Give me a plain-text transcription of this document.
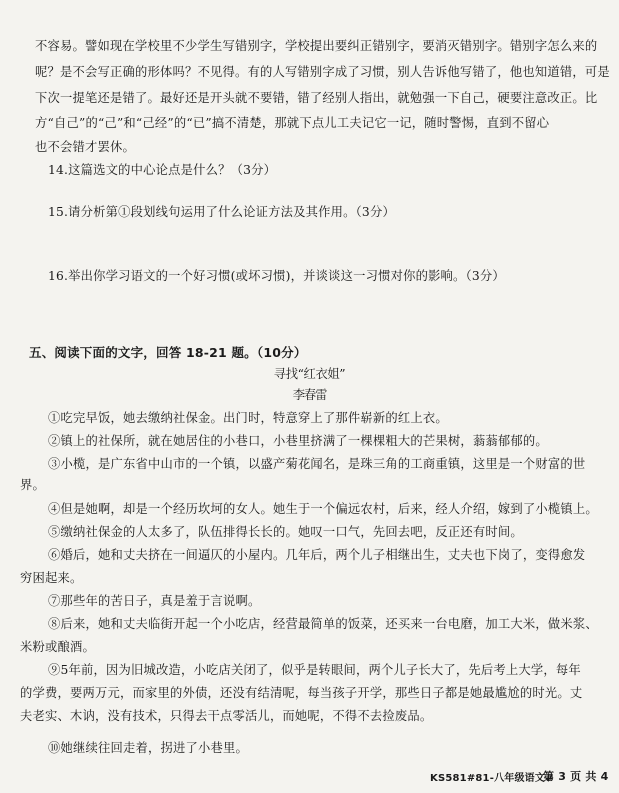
不容易。譬如现在学校里不少学生写错别字，学校提出要纠正错别字，要消灭错别字。错别字怎么来的
呢？是不会写正确的形体吗？不见得。有的人写错别字成了习惯，别人告诉他写错了，他也知道错，可是
下次一提笔还是错了。最好还是开头就不要错，错了经别人指出，就勉强一下自己，硬要注意改正。比
方“自己”的“己”和“己经”的“已”搞不清楚，那就下点儿工夫记它一记，随时警惕，直到不留心
也不会错才罢休。
14.这篇选文的中心论点是什么？（3分）
15.请分析第①段划线句运用了什么论证方法及其作用。（3分）
16.举出你学习语文的一个好习惯(或坏习惯)，并谈谈这一习惯对你的影响。（3分）
五、阅读下面的文字，回答 18-21 题。（10分）
寻找“红衣姐”
李春雷
①吃完早饭，她去缴纳社保金。出门时，特意穿上了那件崭新的红上衣。
②镇上的社保所，就在她居住的小巷口，小巷里挤满了一棵棵粗大的芒果树，蓊蓊郁郁的。
③小榄，是广东省中山市的一个镇，以盛产菊花闻名，是珠三角的工商重镇，这里是一个财富的世
界。
④但是她啊，却是一个经历坎坷的女人。她生于一个偏远农村，后来，经人介绍，嫁到了小榄镇上。
⑤缴纳社保金的人太多了，队伍排得长长的。她叹一口气，先回去吧，反正还有时间。
⑥婚后，她和丈夫挤在一间逼仄的小屋内。几年后，两个儿子相继出生，丈夫也下岗了，变得愈发
穷困起来。
⑦那些年的苦日子，真是羞于言说啊。
⑧后来，她和丈夫临街开起一个小吃店，经营最简单的饭菜，还买来一台电磨，加工大米，做米浆、
米粉或酿酒。
⑨5年前，因为旧城改造，小吃店关闭了，似乎是转眼间，两个儿子长大了，先后考上大学，每年
的学费，要两万元，而家里的外债，还没有结清呢，每当孩子开学，那些日子都是她最尴尬的时光。丈
夫老实、木讷，没有技术，只得去干点零活儿，而她呢，不得不去捡废品。
⑩她继续往回走着，拐进了小巷里。
KS581#81-八年级语文#
第 3 页 共 4
